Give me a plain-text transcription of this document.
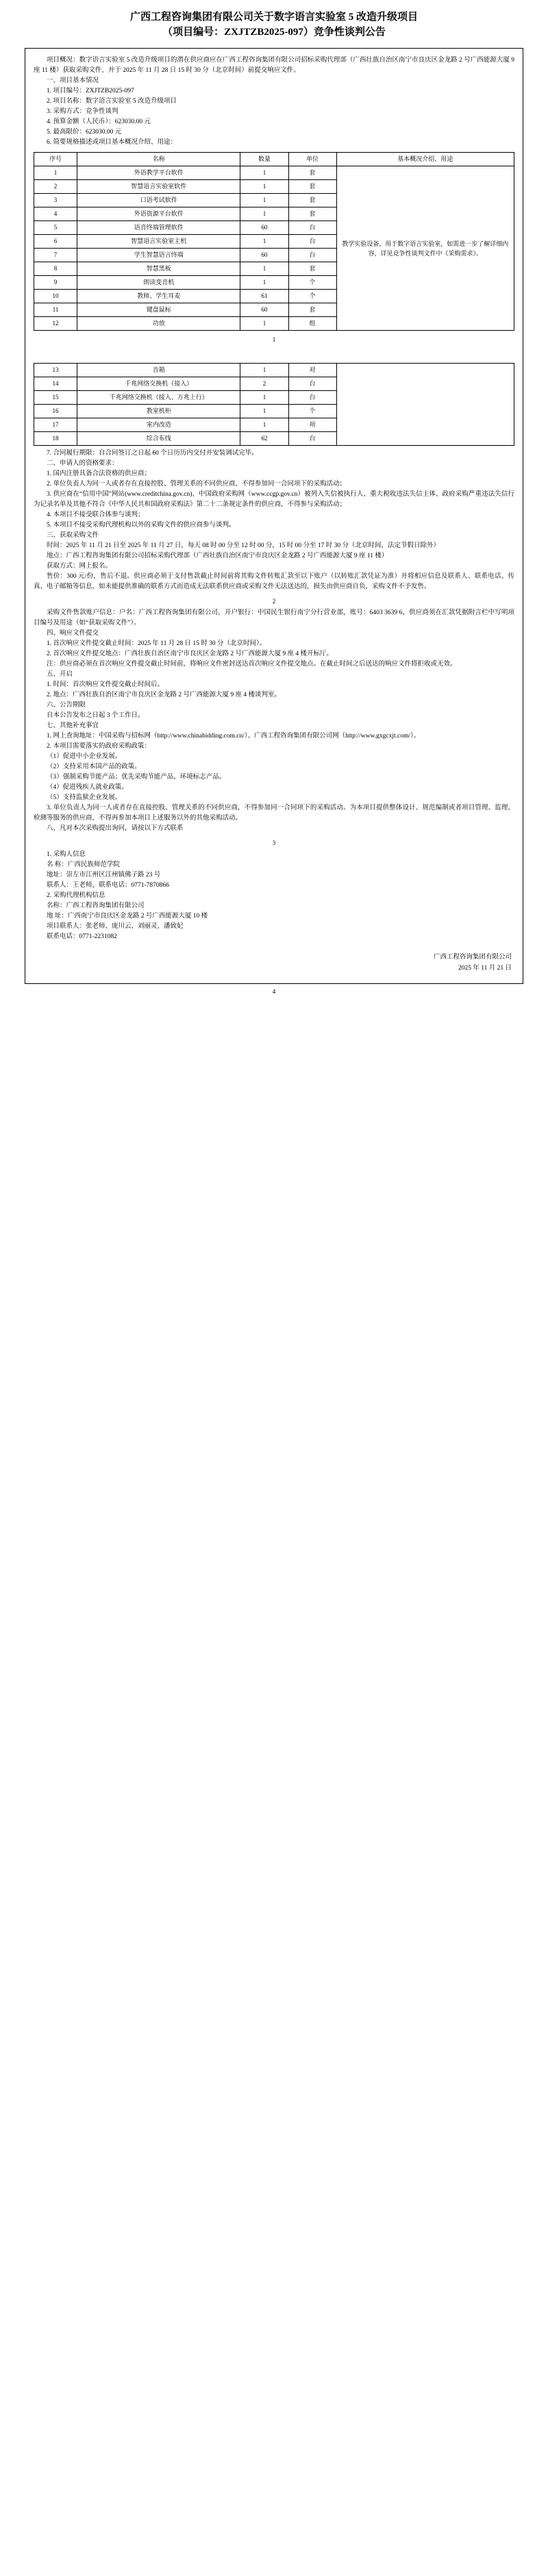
广西工程咨询集团有限公司关于数字语言实验室 5 改造升级项目
（项目编号：ZXJTZB2025-097）竞争性谈判公告

项目概况：数字语言实验室 5 改造升级项目的潜在供应商应在广西工程咨询集团有限公司招标采购代理部（广西壮族自治区南宁市良庆区金龙路 2 号广西能源大厦 9 座 11 楼）获取采购文件，并于 2025 年 11 月 28 日 15 时 30 分（北京时间）前提交响应文件。

一、项目基本情况

1. 项目编号：ZXJTZB2025-097

2. 项目名称：数字语言实验室 5 改造升级项目

3. 采购方式：竞争性谈判

4. 预算金额（人民币）：623030.00 元

5. 最高限价：623030.00 元

6. 简要规格描述或项目基本概况介绍、用途：

序号	名称	数量	单位	基本概况介绍、用途
1	外语教学平台软件	1	套	教学实验设备，用于数字语言实验室，如需进一步了解详细内容，详见竞争性谈判文件中《采购需求》。
2	智慧语言实验室软件	1	套	
3	口语考试软件	1	套	
4	外语资源平台软件	1	套	
5	语音终端管理软件	60	台	
6	智慧语言实验室主机	1	台	
7	学生智慧语言终端	60	台	
8	智慧黑板	1	套	
9	朗读变音机	1	个	
10	教师、学生耳麦	61	个	
11	键盘鼠标	60	套	
12	功放	1	组	
1
13	音箱	1	对	
14	千兆网络交换机（接入）	2	台	
15	千兆网络交换机（接入、万兆上行）	1	台	
16	教室机柜	1	个	
17	室内改造	1	项	
18	综合布线	62	台	

7. 合同履行期限：自合同签订之日起 60 个日历历内交付并安装调试完毕。

二、申请人的资格要求：

1. 国内注册具备合法资格的供应商；

2. 单位负责人为同一人或者存在直接控股、管理关系的不同供应商，不得参加同一合同项下的采购活动；

3. 供应商在“信用中国”网站(www.creditchina.gov.cn)、中国政府采购网（www.ccgp.gov.cn）被列入失信被执行人、重大税收违法失信主体、政府采购严重违法失信行为记录名单及其他不符合《中华人民共和国政府采购法》第二十二条规定条件的供应商，不得参与采购活动；

4. 本项目不接受联合体参与谈判；

5. 本项目不接受采购代理机构以外的采购文件的供应商参与谈判。

三、获取采购文件

时间：2025 年 11 月 21 日至 2025 年 11 月 27 日，每天 08 时 00 分至 12 时 00 分，15 时 00 分至 17 时 30 分（北京时间，法定节假日除外）

地点：广西工程咨询集团有限公司招标采购代理部（广西壮族自治区南宁市良庆区金龙路 2 号广西能源大厦 9 座 11 楼）

获取方式：网上报名。

售价：300 元/份，售后不退。供应商必须于支付售款截止时间前将其购文件转账汇款至以下账户（以转账汇款凭证为准）并将相应信息及联系人、联系电话、传真、电子邮箱等信息，如未能提供准确的联系方式而造成无法联系供应商或采购文件无法送达的，损失由供应商自负，采购文件不予发售。

2

采购文件售款账户信息：户名：广西工程咨询集团有限公司，开户银行：中国民生银行南宁分行营业部，账号：6403 3639 6，供应商须在汇款凭据附言栏中写明项目编号及用途（如“获取采购文件”）。

四、响应文件提交

1. 首次响应文件提交截止时间：2025 年 11 月 28 日 15 时 30 分（北京时间）。

2. 首次响应文件提交地点：广西壮族自治区南宁市良庆区金龙路 2 号广西能源大厦 9 座 4 楼开标厅。

注：供应商必须在首次响应文件提交截止时间前，将响应文件密封送达首次响应文件提交地点。在截止时间之后送达的响应文件将拒收或无效。

五、开启

1. 时间：首次响应文件提交截止时间后。

2. 地点：广西壮族自治区南宁市良庆区金龙路 2 号广西能源大厦 9 座 4 楼谈判室。

六、公告期限

自本公告发布之日起 3 个工作日。

七、其他补充事宜

1. 网上查询地址：中国采购与招标网（http://www.chinabidding.com.cn/）、广西工程咨询集团有限公司网（http://www.gxgcxjt.com/）。

2. 本项目需要落实的政府采购政策：

（1）促进中小企业发展。

（2）支持采用本国产品的政策。

（3）强制采购节能产品；优先采购节能产品、环境标志产品。

（4）促进残疾人就业政策。

（5）支持监狱企业发展。

3. 单位负责人为同一人或者存在直接控股、管理关系的不同供应商，不得参加同一合同项下的采购活动。为本项目提供整体设计、规范编制或者项目管理、监理、检测等服务的供应商，不得再参加本项目上述服务以外的其他采购活动。

八、凡对本次采购提出询问，请按以下方式联系

3

1. 采购人信息

名 称：广西民族师范学院

地址：崇左市江州区江州镇佛子路 23 号

联系人：王老师，联系电话：0771-7870866

2. 采购代理机构信息

名称：广西工程咨询集团有限公司

地 址：广西南宁市良庆区金龙路 2 号广西能源大厦 10 楼

项目联系人：张老师、庞川云、刘丽灵、潘致妃

联系电话：0771-2231082

广西工程咨询集团有限公司
2025 年 11 月 21 日
4
